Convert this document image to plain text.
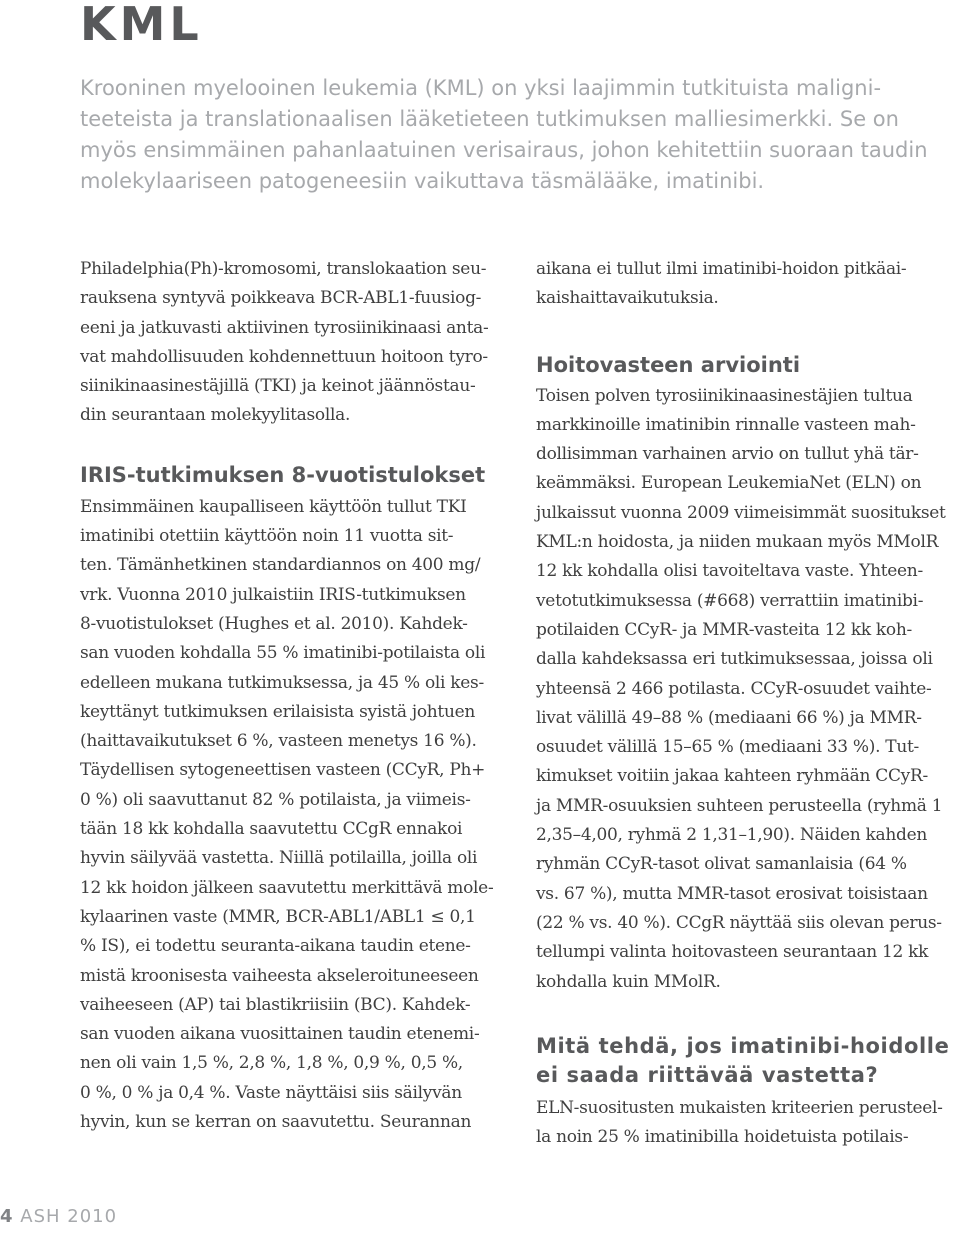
KML

Krooninen myelooinen leukemia (KML) on yksi laajimmin tutkituista maligni-
teeteista ja translationaalisen lääketieteen tutkimuksen malliesimerkki. Se on
myös ensimmäinen pahanlaatuinen verisairaus, johon kehitettiin suoraan taudin
molekylaariseen patogeneesiin vaikuttava täsmälääke, imatinibi.

Philadelphia(Ph)-kromosomi, translokaation seu-
rauksena syntyvä poikkeava BCR-ABL1-fuusiog-
eeni ja jatkuvasti aktiivinen tyrosiinikinaasi anta-
vat mahdollisuuden kohdennettuun hoitoon tyro-
siinikinaasinestäjillä (TKI) ja keinot jäännöstau-
din seurantaan molekyylitasolla.

IRIS-tutkimuksen 8-vuotistulokset

Ensimmäinen kaupalliseen käyttöön tullut TKI
imatinibi otettiin käyttöön noin 11 vuotta sit-
ten. Tämänhetkinen standardiannos on 400 mg/
vrk. Vuonna 2010 julkaistiin IRIS-tutkimuksen
8-vuotistulokset (Hughes et al. 2010). Kahdek-
san vuoden kohdalla 55 % imatinibi-potilaista oli
edelleen mukana tutkimuksessa, ja 45 % oli kes-
keyttänyt tutkimuksen erilaisista syistä johtuen
(haittavaikutukset 6 %, vasteen menetys 16 %).
Täydellisen sytogeneettisen vasteen (CCyR, Ph+
0 %) oli saavuttanut 82 % potilaista, ja viimeis-
tään 18 kk kohdalla saavutettu CCgR ennakoi
hyvin säilyvää vastetta. Niillä potilailla, joilla oli
12 kk hoidon jälkeen saavutettu merkittävä mole-
kylaarinen vaste (MMR, BCR-ABL1/ABL1 ≤ 0,1
% IS), ei todettu seuranta-aikana taudin etene-
mistä kroonisesta vaiheesta akseleroituneeseen
vaiheeseen (AP) tai blastikriisiin (BC). Kahdek-
san vuoden aikana vuosittainen taudin etenemi-
nen oli vain 1,5 %, 2,8 %, 1,8 %, 0,9 %, 0,5 %,
0 %, 0 % ja 0,4 %. Vaste näyttäisi siis säilyvän
hyvin, kun se kerran on saavutettu. Seurannan

aikana ei tullut ilmi imatinibi-hoidon pitkäai-
kaishaittavaikutuksia.

Hoitovasteen arviointi

Toisen polven tyrosiinikinaasinestäjien tultua
markkinoille imatinibin rinnalle vasteen mah-
dollisimman varhainen arvio on tullut yhä tär-
keämmäksi. European LeukemiaNet (ELN) on
julkaissut vuonna 2009 viimeisimmät suositukset
KML:n hoidosta, ja niiden mukaan myös MMolR
12 kk kohdalla olisi tavoiteltava vaste. Yhteen-
vetotutkimuksessa (#668) verrattiin imatinibi-
potilaiden CCyR- ja MMR-vasteita 12 kk koh-
dalla kahdeksassa eri tutkimuksessaa, joissa oli
yhteensä 2 466 potilasta. CCyR-osuudet vaihte-
livat välillä 49–88 % (mediaani 66 %) ja MMR-
osuudet välillä 15–65 % (mediaani 33 %). Tut-
kimukset voitiin jakaa kahteen ryhmään CCyR-
ja MMR-osuuksien suhteen perusteella (ryhmä 1
2,35–4,00, ryhmä 2 1,31–1,90). Näiden kahden
ryhmän CCyR-tasot olivat samanlaisia (64 %
vs. 67 %), mutta MMR-tasot erosivat toisistaan
(22 % vs. 40 %). CCgR näyttää siis olevan perus-
tellumpi valinta hoitovasteen seurantaan 12 kk
kohdalla kuin MMolR.

Mitä tehdä, jos imatinibi-hoidolle
ei saada riittävää vastetta?

ELN-suositusten mukaisten kriteerien perusteel-
la noin 25 % imatinibilla hoidetuista potilais-

4 ASH 2010
